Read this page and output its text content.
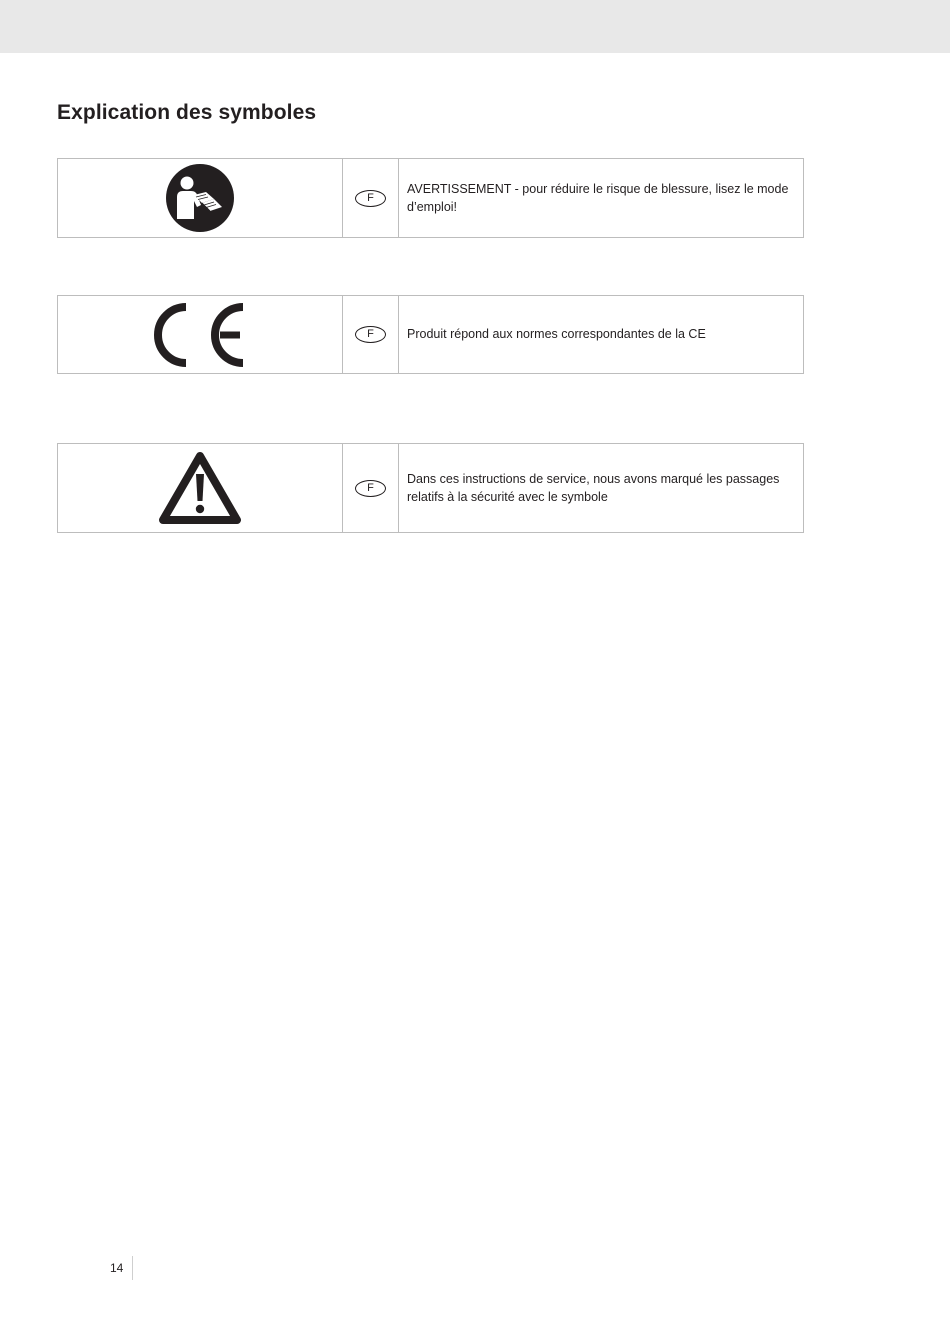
Explication des symboles
F
AVERTISSEMENT - pour réduire le risque de blessure, lisez le mode d’emploi!
F	Produit répond aux normes correspondantes de la CE
F
Dans ces instructions de service, nous avons marqué les passages relatifs à la sécurité avec le symbole
14
